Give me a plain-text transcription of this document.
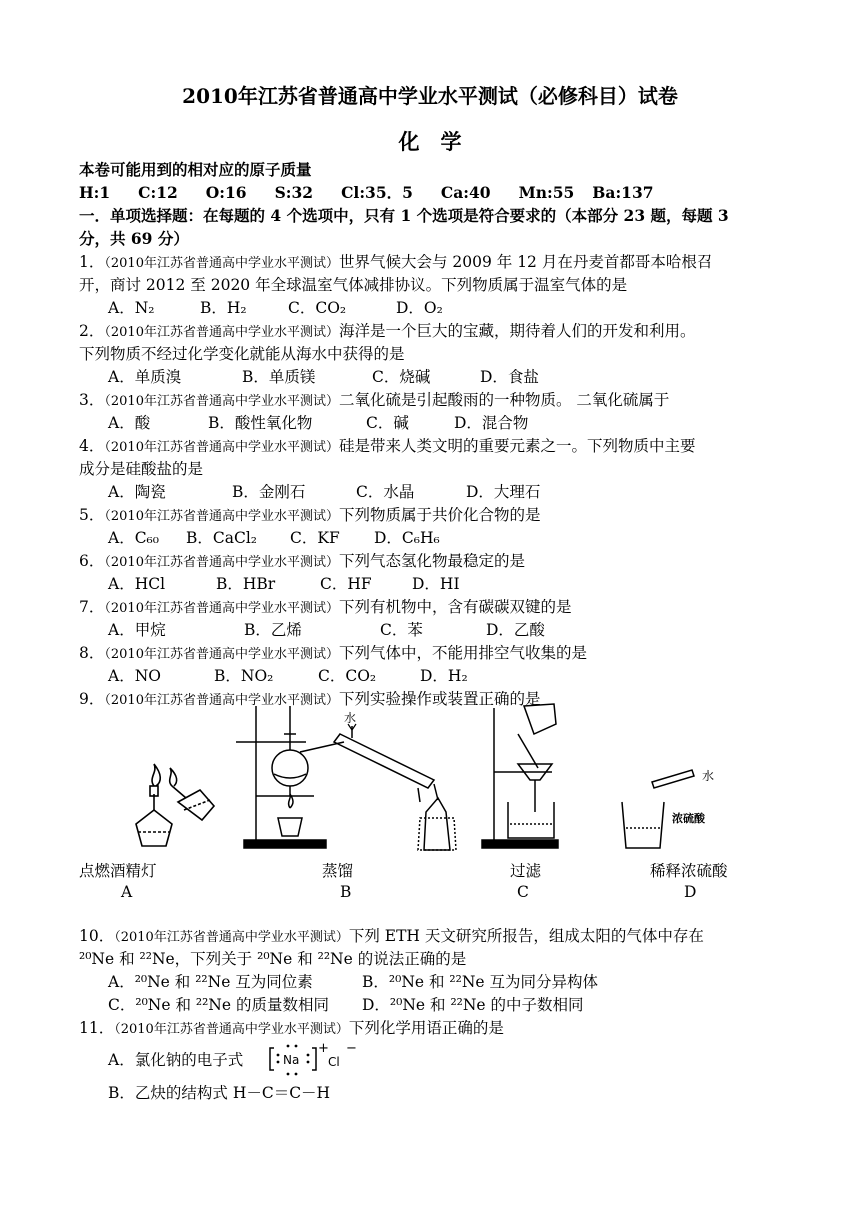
2010年江苏省普通高中学业水平测试（必修科目）试卷
化　学
本卷可能用到的相对应的原子质量
H:1 C:12 O:16 S:32 Cl:35．5 Ca:40 Mn:55 Ba:137
一．单项选择题：在每题的 4 个选项中，只有 1 个选项是符合要求的（本部分 23 题，每题 3
分，共 69 分）
1．（2010年江苏省普通高中学业水平测试）世界气候大会与 2009 年 12 月在丹麦首都哥本哈根召
开，商讨 2012 至 2020 年全球温室气体减排协议。下列物质属于温室气体的是
A．N₂	B．H₂	C．CO₂	D．O₂
2．（2010年江苏省普通高中学业水平测试）海洋是一个巨大的宝藏，期待着人们的开发和利用。
下列物质不经过化学变化就能从海水中获得的是
A．单质溴	B．单质镁	C．烧碱	D．食盐
3．（2010年江苏省普通高中学业水平测试）二氧化硫是引起酸雨的一种物质。 二氧化硫属于
A．酸	B．酸性氧化物	C．碱	D．混合物
4．（2010年江苏省普通高中学业水平测试）硅是带来人类文明的重要元素之一。下列物质中主要
成分是硅酸盐的是
A．陶瓷	B．金刚石	C．水晶	D．大理石
5．（2010年江苏省普通高中学业水平测试）下列物质属于共价化合物的是
A．C₆₀ B．CaCl₂ C．KF D．C₆H₆
6．（2010年江苏省普通高中学业水平测试）下列气态氢化物最稳定的是
A．HCl	B．HBr	C．HF	D．HI
7．（2010年江苏省普通高中学业水平测试）下列有机物中，含有碳碳双键的是
A．甲烷	B．乙烯	C．苯	D．乙酸
8．（2010年江苏省普通高中学业水平测试）下列气体中，不能用排空气收集的是
A．NO	B．NO₂	C．CO₂	D．H₂
9．（2010年江苏省普通高中学业水平测试）下列实验操作或装置正确的是
水
水
浓硫酸
点燃酒精灯	蒸馏	过滤	稀释浓硫酸
A	B	C	D
10．（2010年江苏省普通高中学业水平测试）下列 ETH 天文研究所报告，组成太阳的气体中存在
²⁰Ne 和 ²²Ne，下列关于 ²⁰Ne 和 ²²Ne 的说法正确的是
A．²⁰Ne 和 ²²Ne 互为同位素	B．²⁰Ne 和 ²²Ne 互为同分异构体
C．²⁰Ne 和 ²²Ne 的质量数相同 D．²⁰Ne 和 ²²Ne 的中子数相同
11．（2010年江苏省普通高中学业水平测试）下列化学用语正确的是
A．氯化钠的电子式	Na
+
Cl
−
B．乙炔的结构式 H－C＝C－H
